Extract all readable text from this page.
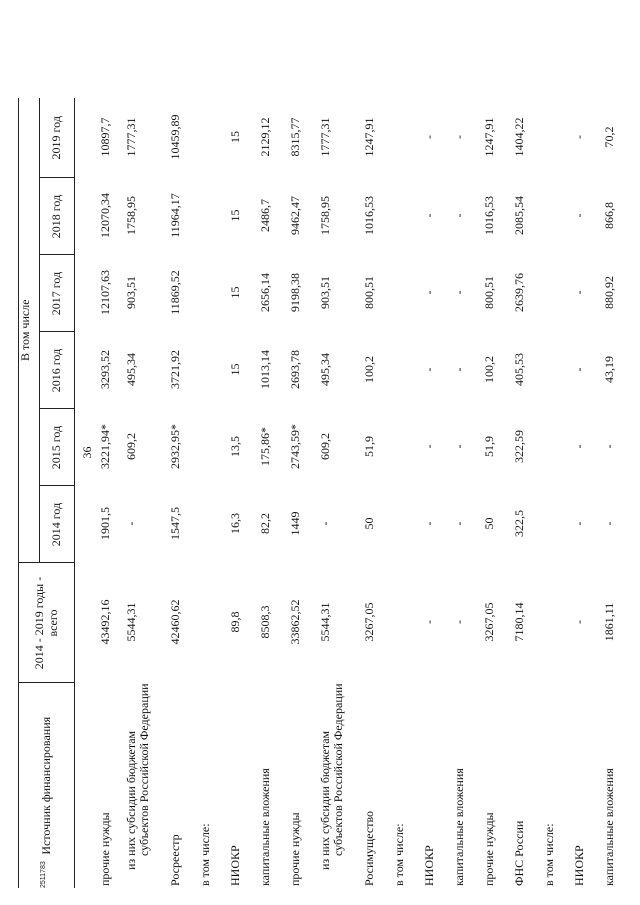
2511783
36
Источник финансирования	2014 - 2019 годы - всего	В том числе					
		2014 год	2015 год	2016 год	2017 год	2018 год	2019 год

прочие нужды	43492,16	1901,5	3221,94*	3293,52	12107,63	12070,34	10897,7

из них субсидии бюджетам субъектов Российской Федерации	5544,31	-	609,2	495,34	903,51	1758,95	1777,31

Росреестр	42460,62	1547,5	2932,95*	3721,92	11869,52	11964,17	10459,89

в том числе:							

НИОКР	89,8	16,3	13,5	15	15	15	15

капитальные вложения	8508,3	82,2	175,86*	1013,14	2656,14	2486,7	2129,12

прочие нужды	33862,52	1449	2743,59*	2693,78	9198,38	9462,47	8315,77

из них субсидии бюджетам субъектов Российской Федерации	5544,31	-	609,2	495,34	903,51	1758,95	1777,31

Росимущество	3267,05	50	51,9	100,2	800,51	1016,53	1247,91

в том числе:							

НИОКР	-	-	-	-	-	-	-

капитальные вложения	-	-	-	-	-	-	-

прочие нужды	3267,05	50	51,9	100,2	800,51	1016,53	1247,91

ФНС России	7180,14	322,5	322,59	405,53	2639,76	2085,54	1404,22

в том числе:							

НИОКР	-	-	-	-	-	-	-

капитальные вложения	1861,11	-	-	43,19	880,92	866,8	70,2
